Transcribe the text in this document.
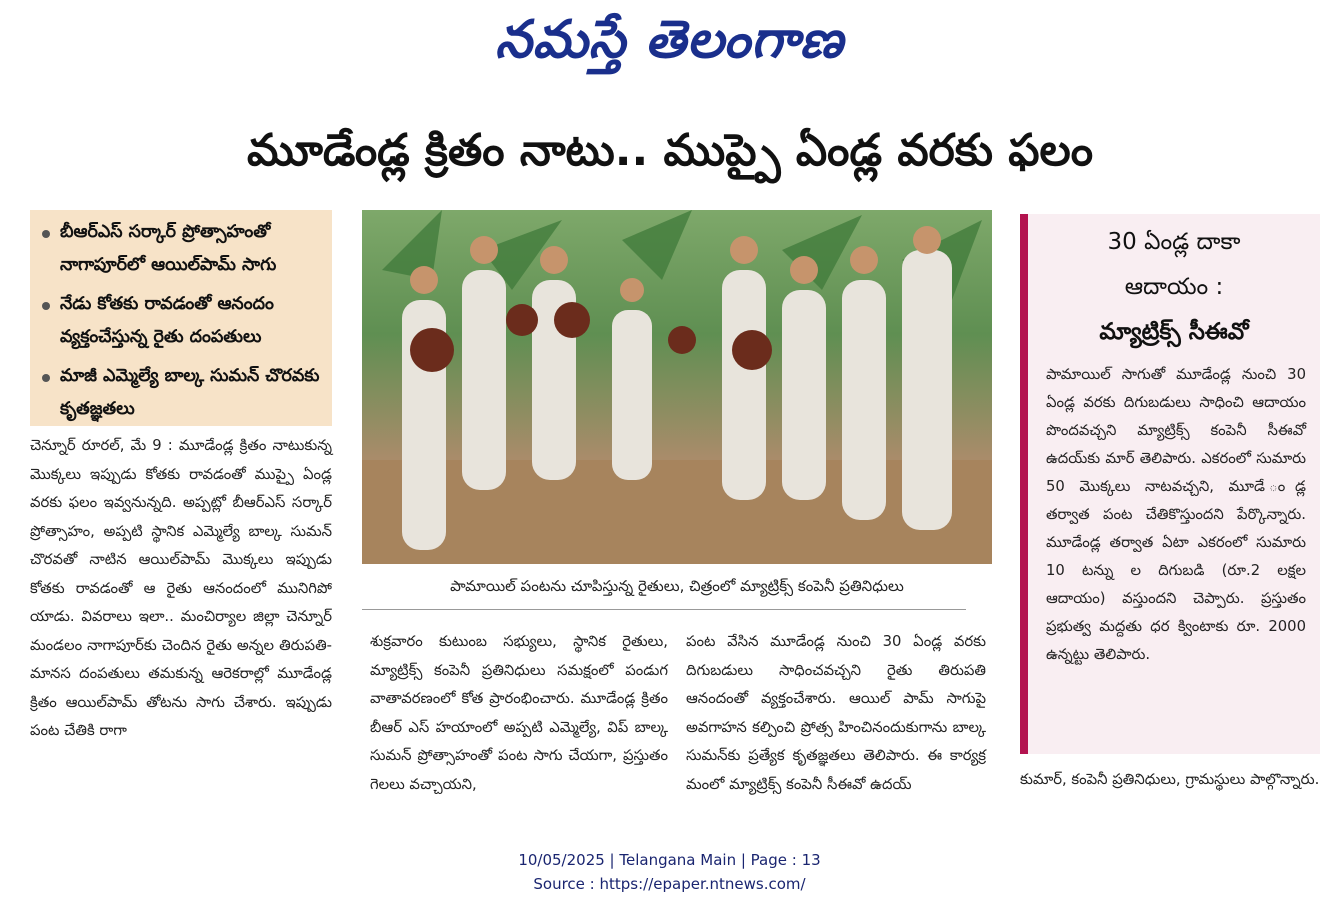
నమస్తే తెలంగాణ
మూడేండ్ల క్రితం నాటు.. ముప్పై ఏండ్ల వరకు ఫలం
బీఆర్‌ఎస్‌ సర్కార్‌ ప్రోత్సాహంతో నాగాపూర్‌లో ఆయిల్‌పామ్‌ సాగు
నేడు కోతకు రావడంతో ఆనందం వ్యక్తంచేస్తున్న రైతు దంపతులు
మాజీ ఎమ్మెల్యే బాల్క సుమన్‌ చొరవకు కృతజ్ఞతలు
చెన్నూర్‌ రూరల్‌, మే 9 : మూడేండ్ల క్రితం నాటుకున్న మొక్కలు ఇప్పుడు కోతకు రావడంతో ముప్పై ఏండ్ల వరకు ఫలం ఇవ్వనున్నది. అప్పట్లో బీఆర్‌ఎస్‌ సర్కార్‌ ప్రోత్సాహం, అప్పటి స్థానిక ఎమ్మెల్యే బాల్క సుమన్‌ చొరవతో నాటిన ఆయిల్‌పామ్‌ మొక్కలు ఇప్పుడు కోతకు రావడంతో ఆ రైతు ఆనందంలో మునిగిపో యాడు. వివరాలు ఇలా.. మంచిర్యాల జిల్లా చెన్నూర్‌ మండలం నాగాపూర్‌కు చెందిన రైతు అన్నల తిరుపతి-మానస దంపతులు తమకున్న ఆరెకరాల్లో మూడేండ్ల క్రితం ఆయిల్‌పామ్‌ తోటను సాగు చేశారు. ఇప్పుడు పంట చేతికి రాగా
పామాయిల్‌ పంటను చూపిస్తున్న రైతులు, చిత్రంలో మ్యాట్రిక్స్‌ కంపెనీ ప్రతినిధులు
శుక్రవారం కుటుంబ సభ్యులు, స్థానిక రైతులు, మ్యాట్రిక్స్‌ కంపెనీ ప్రతినిధులు సమక్షంలో పండుగ వాతావరణంలో కోత ప్రారంభించారు. మూడేండ్ల క్రితం బీఆర్‌ ఎస్‌ హయాంలో అప్పటి ఎమ్మెల్యే, విప్‌ బాల్క సుమన్‌ ప్రోత్సాహంతో పంట సాగు చేయగా, ప్రస్తుతం గెలలు వచ్చాయని,
పంట వేసిన మూడేండ్ల నుంచి 30 ఏండ్ల వరకు దిగుబడులు సాధించవచ్చని రైతు తిరుపతి ఆనందంతో వ్యక్తంచేశారు. ఆయిల్‌ పామ్‌ సాగుపై అవగాహన కల్పించి ప్రోత్స హించినందుకుగాను బాల్క సుమన్‌కు ప్రత్యేక కృతజ్ఞతలు తెలిపారు. ఈ కార్యక్ర మంలో మ్యాట్రిక్స్‌ కంపెనీ సీఈవో ఉదయ్‌
30 ఏండ్ల దాకా
ఆదాయం :
మ్యాట్రిక్స్‌ సీఈవో
పామాయిల్‌ సాగుతో మూడేండ్ల నుంచి 30 ఏండ్ల వరకు దిగుబడులు సాధించి ఆదాయం పొందవచ్చని మ్యాట్రిక్స్‌ కంపెనీ సీఈవో ఉదయ్‌కు మార్‌ తెలిపారు. ఎకరంలో సుమారు 50 మొక్కలు నాటవచ్చని, మూడే ండ్ల తర్వాత పంట చేతికొస్తుందని పేర్కొన్నారు. మూడేండ్ల తర్వాత ఏటా ఎకరంలో సుమారు 10 టన్ను ల దిగుబడి (రూ.2 లక్షల ఆదాయం) వస్తుందని చెప్పారు. ప్రస్తుతం ప్రభుత్వ మద్దతు ధర క్వింటాకు రూ. 2000 ఉన్నట్టు తెలిపారు.
కుమార్‌, కంపెనీ ప్రతినిధులు, గ్రామస్థులు పాల్గొన్నారు.
10/05/2025 | Telangana Main | Page : 13
Source : https://epaper.ntnews.com/
